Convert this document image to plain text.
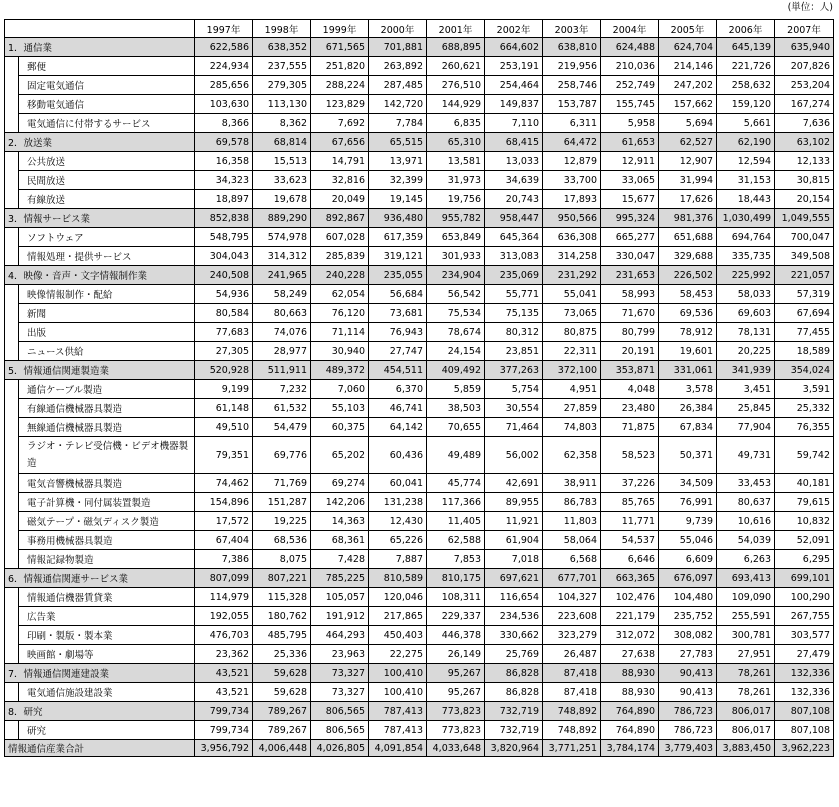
(単位：人)
		1997年	1998年	1999年	2000年	2001年	2002年	2003年	2004年	2005年	2006年	2007年
1．通信業		622,586	638,352	671,565	701,881	688,895	664,602	638,810	624,488	624,704	645,139	635,940
	郵便	224,934	237,555	251,820	263,892	260,621	253,191	219,956	210,036	214,146	221,726	207,826
	固定電気通信	285,656	279,305	288,224	287,485	276,510	254,464	258,746	252,749	247,202	258,632	253,204
	移動電気通信	103,630	113,130	123,829	142,720	144,929	149,837	153,787	155,745	157,662	159,120	167,274
	電気通信に付帯するサービス	8,366	8,362	7,692	7,784	6,835	7,110	6,311	5,958	5,694	5,661	7,636
2．放送業		69,578	68,814	67,656	65,515	65,310	68,415	64,472	61,653	62,527	62,190	63,102
	公共放送	16,358	15,513	14,791	13,971	13,581	13,033	12,879	12,911	12,907	12,594	12,133
	民間放送	34,323	33,623	32,816	32,399	31,973	34,639	33,700	33,065	31,994	31,153	30,815
	有線放送	18,897	19,678	20,049	19,145	19,756	20,743	17,893	15,677	17,626	18,443	20,154
3．情報サービス業		852,838	889,290	892,867	936,480	955,782	958,447	950,566	995,324	981,376	1,030,499	1,049,555
	ソフトウェア	548,795	574,978	607,028	617,359	653,849	645,364	636,308	665,277	651,688	694,764	700,047
	情報処理・提供サービス	304,043	314,312	285,839	319,121	301,933	313,083	314,258	330,047	329,688	335,735	349,508
4．映像・音声・文字情報制作業		240,508	241,965	240,228	235,055	234,904	235,069	231,292	231,653	226,502	225,992	221,057
	映像情報制作・配給	54,936	58,249	62,054	56,684	56,542	55,771	55,041	58,993	58,453	58,033	57,319
	新聞	80,584	80,663	76,120	73,681	75,534	75,135	73,065	71,670	69,536	69,603	67,694
	出版	77,683	74,076	71,114	76,943	78,674	80,312	80,875	80,799	78,912	78,131	77,455
	ニュース供給	27,305	28,977	30,940	27,747	24,154	23,851	22,311	20,191	19,601	20,225	18,589
5．情報通信関連製造業		520,928	511,911	489,372	454,511	409,492	377,263	372,100	353,871	331,061	341,939	354,024
	通信ケーブル製造	9,199	7,232	7,060	6,370	5,859	5,754	4,951	4,048	3,578	3,451	3,591
	有線通信機械器具製造	61,148	61,532	55,103	46,741	38,503	30,554	27,859	23,480	26,384	25,845	25,332
	無線通信機械器具製造	49,510	54,479	60,375	64,142	70,655	71,464	74,803	71,875	67,834	77,904	76,355
	ラジオ・テレビ受信機・ビデオ機器製造	79,351	69,776	65,202	60,436	49,489	56,002	62,358	58,523	50,371	49,731	59,742
	電気音響機械器具製造	74,462	71,769	69,274	60,041	45,774	42,691	38,911	37,226	34,509	33,453	40,181
	電子計算機・同付属装置製造	154,896	151,287	142,206	131,238	117,366	89,955	86,783	85,765	76,991	80,637	79,615
	磁気テープ・磁気ディスク製造	17,572	19,225	14,363	12,430	11,405	11,921	11,803	11,771	9,739	10,616	10,832
	事務用機械器具製造	67,404	68,536	68,361	65,226	62,588	61,904	58,064	54,537	55,046	54,039	52,091
	情報記録物製造	7,386	8,075	7,428	7,887	7,853	7,018	6,568	6,646	6,609	6,263	6,295
6．情報通信関連サービス業		807,099	807,221	785,225	810,589	810,175	697,621	677,701	663,365	676,097	693,413	699,101
	情報通信機器賃貸業	114,979	115,328	105,057	120,046	108,311	116,654	104,327	102,476	104,480	109,090	100,290
	広告業	192,055	180,762	191,912	217,865	229,337	234,536	223,608	221,179	235,752	255,591	267,755
	印刷・製版・製本業	476,703	485,795	464,293	450,403	446,378	330,662	323,279	312,072	308,082	300,781	303,577
	映画館・劇場等	23,362	25,336	23,963	22,275	26,149	25,769	26,487	27,638	27,783	27,951	27,479
7．情報通信関連建設業		43,521	59,628	73,327	100,410	95,267	86,828	87,418	88,930	90,413	78,261	132,336
	電気通信施設建設業	43,521	59,628	73,327	100,410	95,267	86,828	87,418	88,930	90,413	78,261	132,336
8．研究		799,734	789,267	806,565	787,413	773,823	732,719	748,892	764,890	786,723	806,017	807,108
	研究	799,734	789,267	806,565	787,413	773,823	732,719	748,892	764,890	786,723	806,017	807,108
情報通信産業合計		3,956,792	4,006,448	4,026,805	4,091,854	4,033,648	3,820,964	3,771,251	3,784,174	3,779,403	3,883,450	3,962,223
